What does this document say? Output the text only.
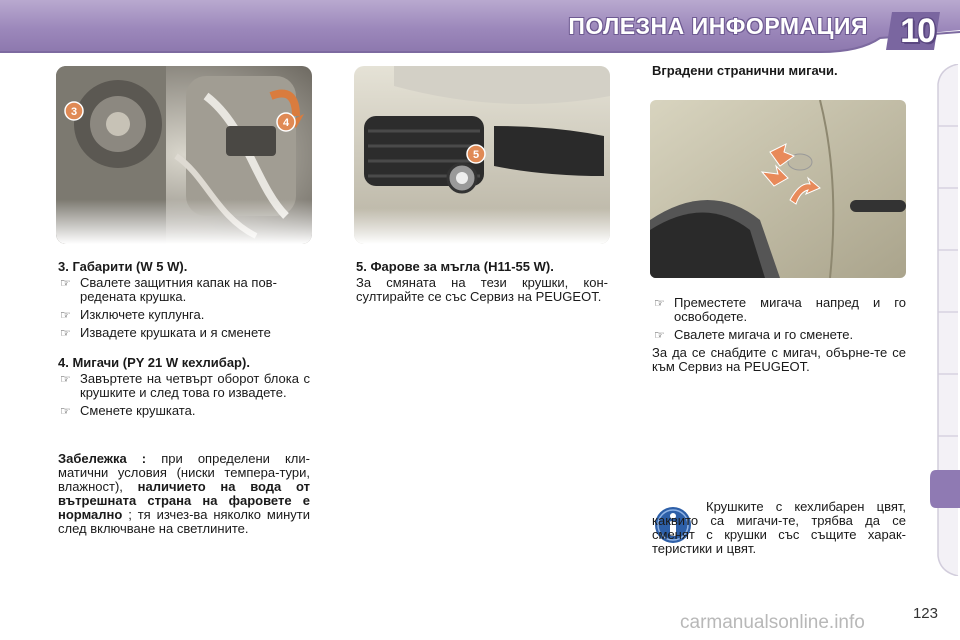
ПОЛЕЗНА ИНФОРМАЦИЯ 10
3
4
5
3. Габарити (W 5 W).

☞ Свалете защитния капак на пов-редената крушка.

☞ Изключете куплунга.

☞ Извадете крушката и я сменете

4. Мигачи (PY 21 W кехлибар).

☞ Завъртете на четвърт оборот блока с крушките и след това го извадете.

☞ Сменете крушката.

Забележка : при определени кли-матични условия (ниски темпера-тури, влажност), наличието на вода от вътрешната страна на фаровете е нормално ; тя изчез-ва няколко минути след включване на светлините.
5. Фарове за мъгла (H11-55 W).
За смяната на тези крушки, кон-султирайте се със Сервиз на PEUGEOT.
Вградени странични мигачи.

☞ Преместете мигача напред и го освободете.

☞ Свалете мигача и го сменете.

За да се снабдите с мигач, обърне-те се към Сервиз на PEUGEOT.
Крушките с кехлибарен цвят, каквито са мигачи-те, трябва да се сменят с крушки със същите харак-теристики и цвят.
123
carmanualsonline.info
